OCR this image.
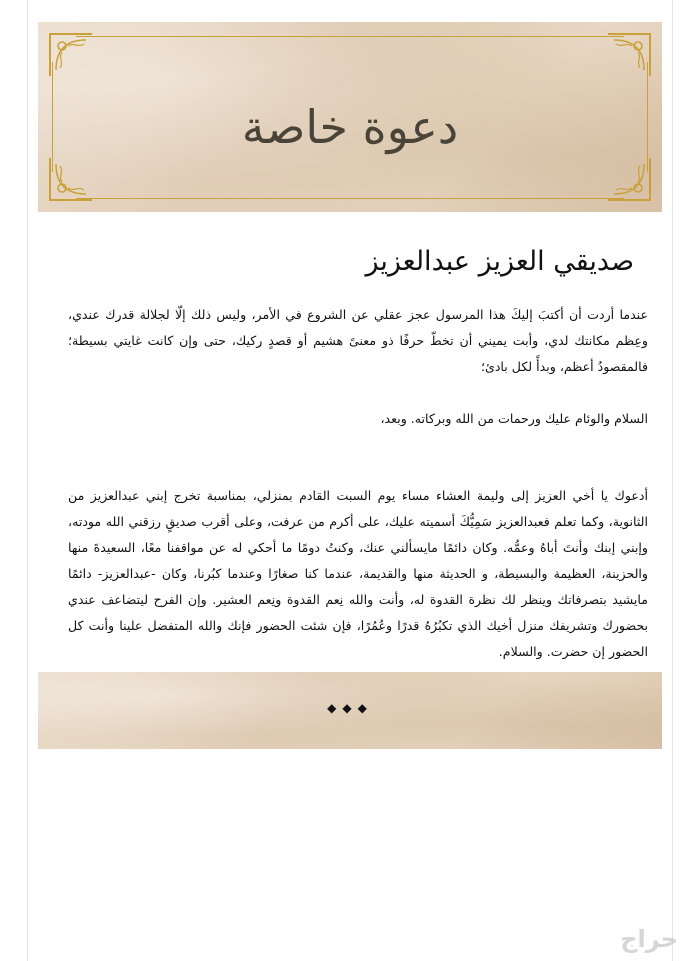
دعوة خاصة
صديقي العزيز عبدالعزيز
عندما أردت أن أكتبَ إليكَ هذا المرسول عجز عقلي عن الشروع في الأمر، وليس ذلك إلّا لجلالة قدرك عندي، وعِظم مكانتك لدي، وأبت يميني أن تخطّ حرفًا ذو معنىً هشيم أو قصدٍ ركيك، حتى وإن كانت غايتي بسيطة؛ فالمقصودُ أعظم، وبدأً لكل بادئ؛
السلام والوئام عليك ورحمات من الله وبركاته. وبعد،
أدعوك يا أخي العزيز إلى وليمة العشاء مساء يوم السبت القادم بمنزلي، بمناسبة تخرج إبني عبدالعزيز من الثانوية، وكما تعلم فعبدالعزيز سَمِيُّكَ أسميته عليك، على أكرم من عرفت، وعلى أقرب صديقٍ رزقني الله مودته، وإبني إبنك وأنتَ أباهُ وعمُّه. وكان دائمًا مايسألني عنك، وكنتُ دومًا ما أحكي له عن مواقفنا معًا، السعيدةَ منها والحزينة، العظيمة والبسيطة، و الحديثة منها والقديمة، عندما كنا صغارًا وعندما كبُرنا، وكان -عبدالعزيز- دائمًا مايشيد بتصرفاتك وينظر لك نظرة القدوة له، وأنت والله نِعم القدوة ونِعم العشير. وإن الفرح ليتضاعف عندي بحضورك وتشريفك منزل أخيك الذي تكبُرُهُ قدرًا وعُمُرًا، فإن شئت الحضور فإنك والله المتفضل علينا وأنت كل الحضور إن حضرت. والسلام.
◆◆◆
حراج
